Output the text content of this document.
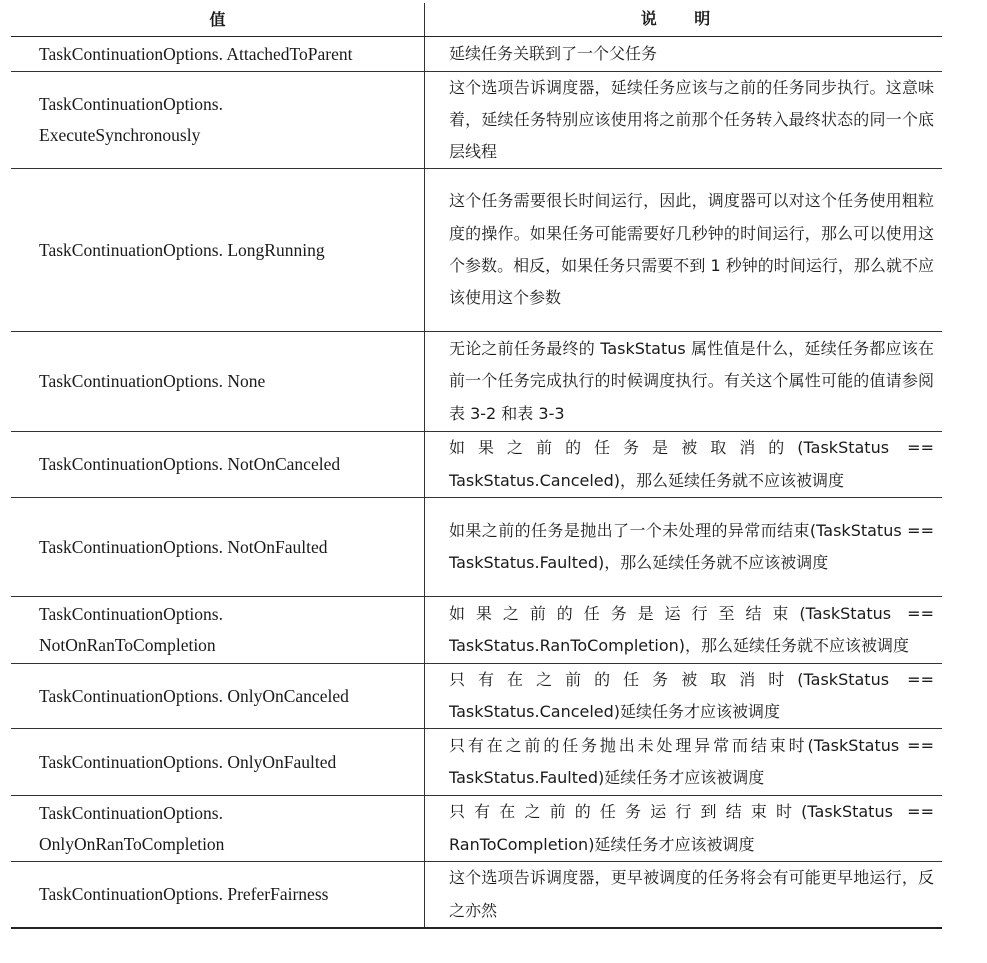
值	说 明
TaskContinuationOptions. AttachedToParent	延续任务关联到了一个父任务
TaskContinuationOptions.
ExecuteSynchronously
这个选项告诉调度器，延续任务应该与之前的任务同步执行。这意味着，延续任务特别应该使用将之前那个任务转入最终状态的同一个底层线程
TaskContinuationOptions. LongRunning
这个任务需要很长时间运行，因此，调度器可以对这个任务使用粗粒度的操作。如果任务可能需要好几秒钟的时间运行，那么可以使用这个参数。相反，如果任务只需要不到 1 秒钟的时间运行，那么就不应该使用这个参数
TaskContinuationOptions. None
无论之前任务最终的 TaskStatus 属性值是什么，延续任务都应该在前一个任务完成执行的时候调度执行。有关这个属性可能的值请参阅表 3-2 和表 3-3
TaskContinuationOptions. NotOnCanceled
如果之前的任务是被取消的(TaskStatus == TaskStatus.Canceled)，那么延续任务就不应该被调度
TaskContinuationOptions. NotOnFaulted
如果之前的任务是抛出了一个未处理的异常而结束(TaskStatus == TaskStatus.Faulted)，那么延续任务就不应该被调度
TaskContinuationOptions.
NotOnRanToCompletion
如果之前的任务是运行至结束(TaskStatus == TaskStatus.RanToCompletion)，那么延续任务就不应该被调度
TaskContinuationOptions. OnlyOnCanceled
只有在之前的任务被取消时(TaskStatus == TaskStatus.Canceled)延续任务才应该被调度
TaskContinuationOptions. OnlyOnFaulted
只有在之前的任务抛出未处理异常而结束时(TaskStatus == TaskStatus.Faulted)延续任务才应该被调度
TaskContinuationOptions.
OnlyOnRanToCompletion
只有在之前的任务运行到结束时(TaskStatus == RanToCompletion)延续任务才应该被调度
TaskContinuationOptions. PreferFairness
这个选项告诉调度器，更早被调度的任务将会有可能更早地运行，反之亦然
